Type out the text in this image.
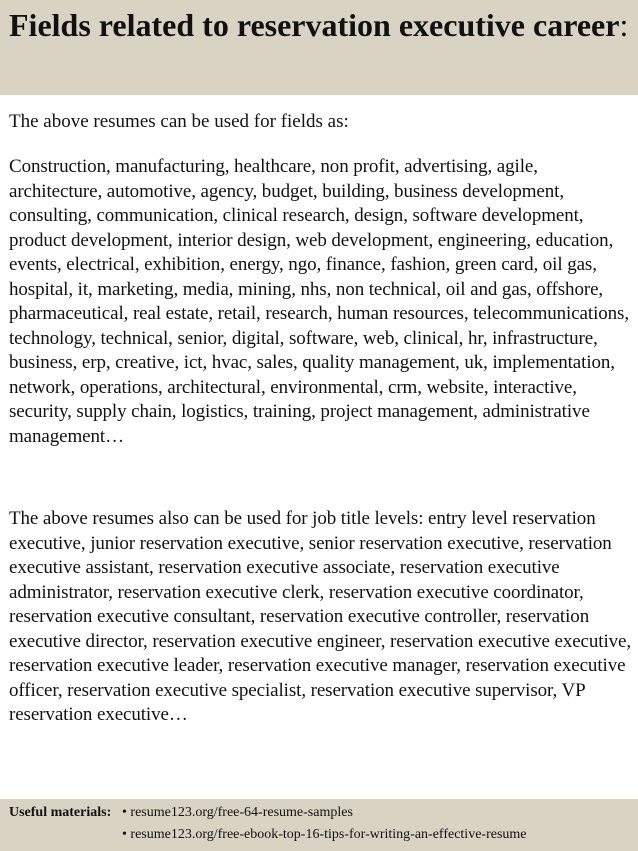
Fields related to reservation executive career:
The above resumes can be used for fields as:

Construction, manufacturing, healthcare, non profit, advertising, agile, architecture, automotive, agency, budget, building, business development, consulting, communication, clinical research, design, software development, product development, interior design, web development, engineering, education, events, electrical, exhibition, energy, ngo, finance, fashion, green card, oil gas, hospital, it, marketing, media, mining, nhs, non technical, oil and gas, offshore, pharmaceutical, real estate, retail, research, human resources, telecommunications, technology, technical, senior, digital, software, web, clinical, hr, infrastructure, business, erp, creative, ict, hvac, sales, quality management, uk, implementation, network, operations, architectural, environmental, crm, website, interactive, security, supply chain, logistics, training, project management, administrative management…

The above resumes also can be used for job title levels: entry level reservation executive, junior reservation executive, senior reservation executive, reservation executive assistant, reservation executive associate, reservation executive administrator, reservation executive clerk, reservation executive coordinator, reservation executive consultant, reservation executive controller, reservation executive director, reservation executive engineer, reservation executive executive, reservation executive leader, reservation executive manager, reservation executive officer, reservation executive specialist, reservation executive supervisor, VP reservation executive…

Useful materials: • resume123.org/free-64-resume-samples
• resume123.org/free-ebook-top-16-tips-for-writing-an-effective-resume
